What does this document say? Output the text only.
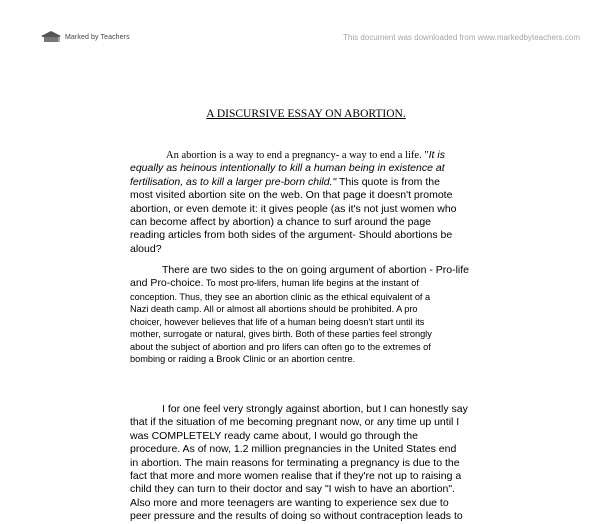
Marked by Teachers	This document was downloaded from www.markedbyteachers.com
A DISCURSIVE ESSAY ON ABORTION.
An abortion is a way to end a pregnancy- a way to end a life. "It is
equally as heinous intentionally to kill a human being in existence at
fertilisation, as to kill a larger pre-born child." This quote is from the
most visited abortion site on the web. On that page it doesn't promote
abortion, or even demote it: it gives people (as it's not just women who
can become affect by abortion) a chance to surf around the page
reading articles from both sides of the argument- Should abortions be
aloud?
There are two sides to the on going argument of abortion - Pro-life
and Pro-choice. To most pro-lifers, human life begins at the instant of
conception. Thus, they see an abortion clinic as the ethical equivalent of a
Nazi death camp. All or almost all abortions should be prohibited. A pro
choicer, however believes that life of a human being doesn't start until its
mother, surrogate or natural, gives birth. Both of these parties feel strongly
about the subject of abortion and pro lifers can often go to the extremes of
bombing or raiding a Brook Clinic or an abortion centre.
I for one feel very strongly against abortion, but I can honestly say
that if the situation of me becoming pregnant now, or any time up until I
was COMPLETELY ready came about, I would go through the
procedure. As of now, 1.2 million pregnancies in the United States end
in abortion. The main reasons for terminating a pregnancy is due to the
fact that more and more women realise that if they're not up to raising a
child they can turn to their doctor and say "I wish to have an abortion".
Also more and more teenagers are wanting to experience sex due to
peer pressure and the results of doing so without contraception leads to
